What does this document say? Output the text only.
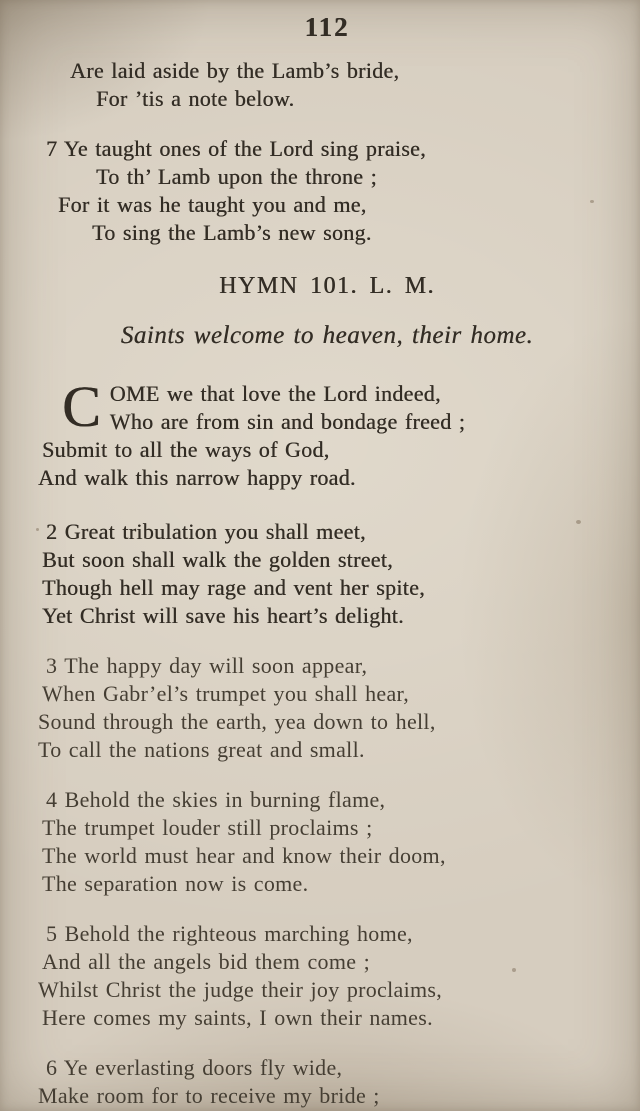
112
Are laid aside by the Lamb’s bride,
For ’tis a note below.
7 Ye taught ones of the Lord sing praise,
To th’ Lamb upon the throne ;
For it was he taught you and me,
To sing the Lamb’s new song.
HYMN 101. L. M.
Saints welcome to heaven, their home.
C OME we that love the Lord indeed,
Who are from sin and bondage freed ;
Submit to all the ways of God,
And walk this narrow happy road.
2 Great tribulation you shall meet,
But soon shall walk the golden street,
Though hell may rage and vent her spite,
Yet Christ will save his heart’s delight.
3 The happy day will soon appear,
When Gabr’el’s trumpet you shall hear,
Sound through the earth, yea down to hell,
To call the nations great and small.
4 Behold the skies in burning flame,
The trumpet louder still proclaims ;
The world must hear and know their doom,
The separation now is come.
5 Behold the righteous marching home,
And all the angels bid them come ;
Whilst Christ the judge their joy proclaims,
Here comes my saints, I own their names.
6 Ye everlasting doors fly wide,
Make room for to receive my bride ;
